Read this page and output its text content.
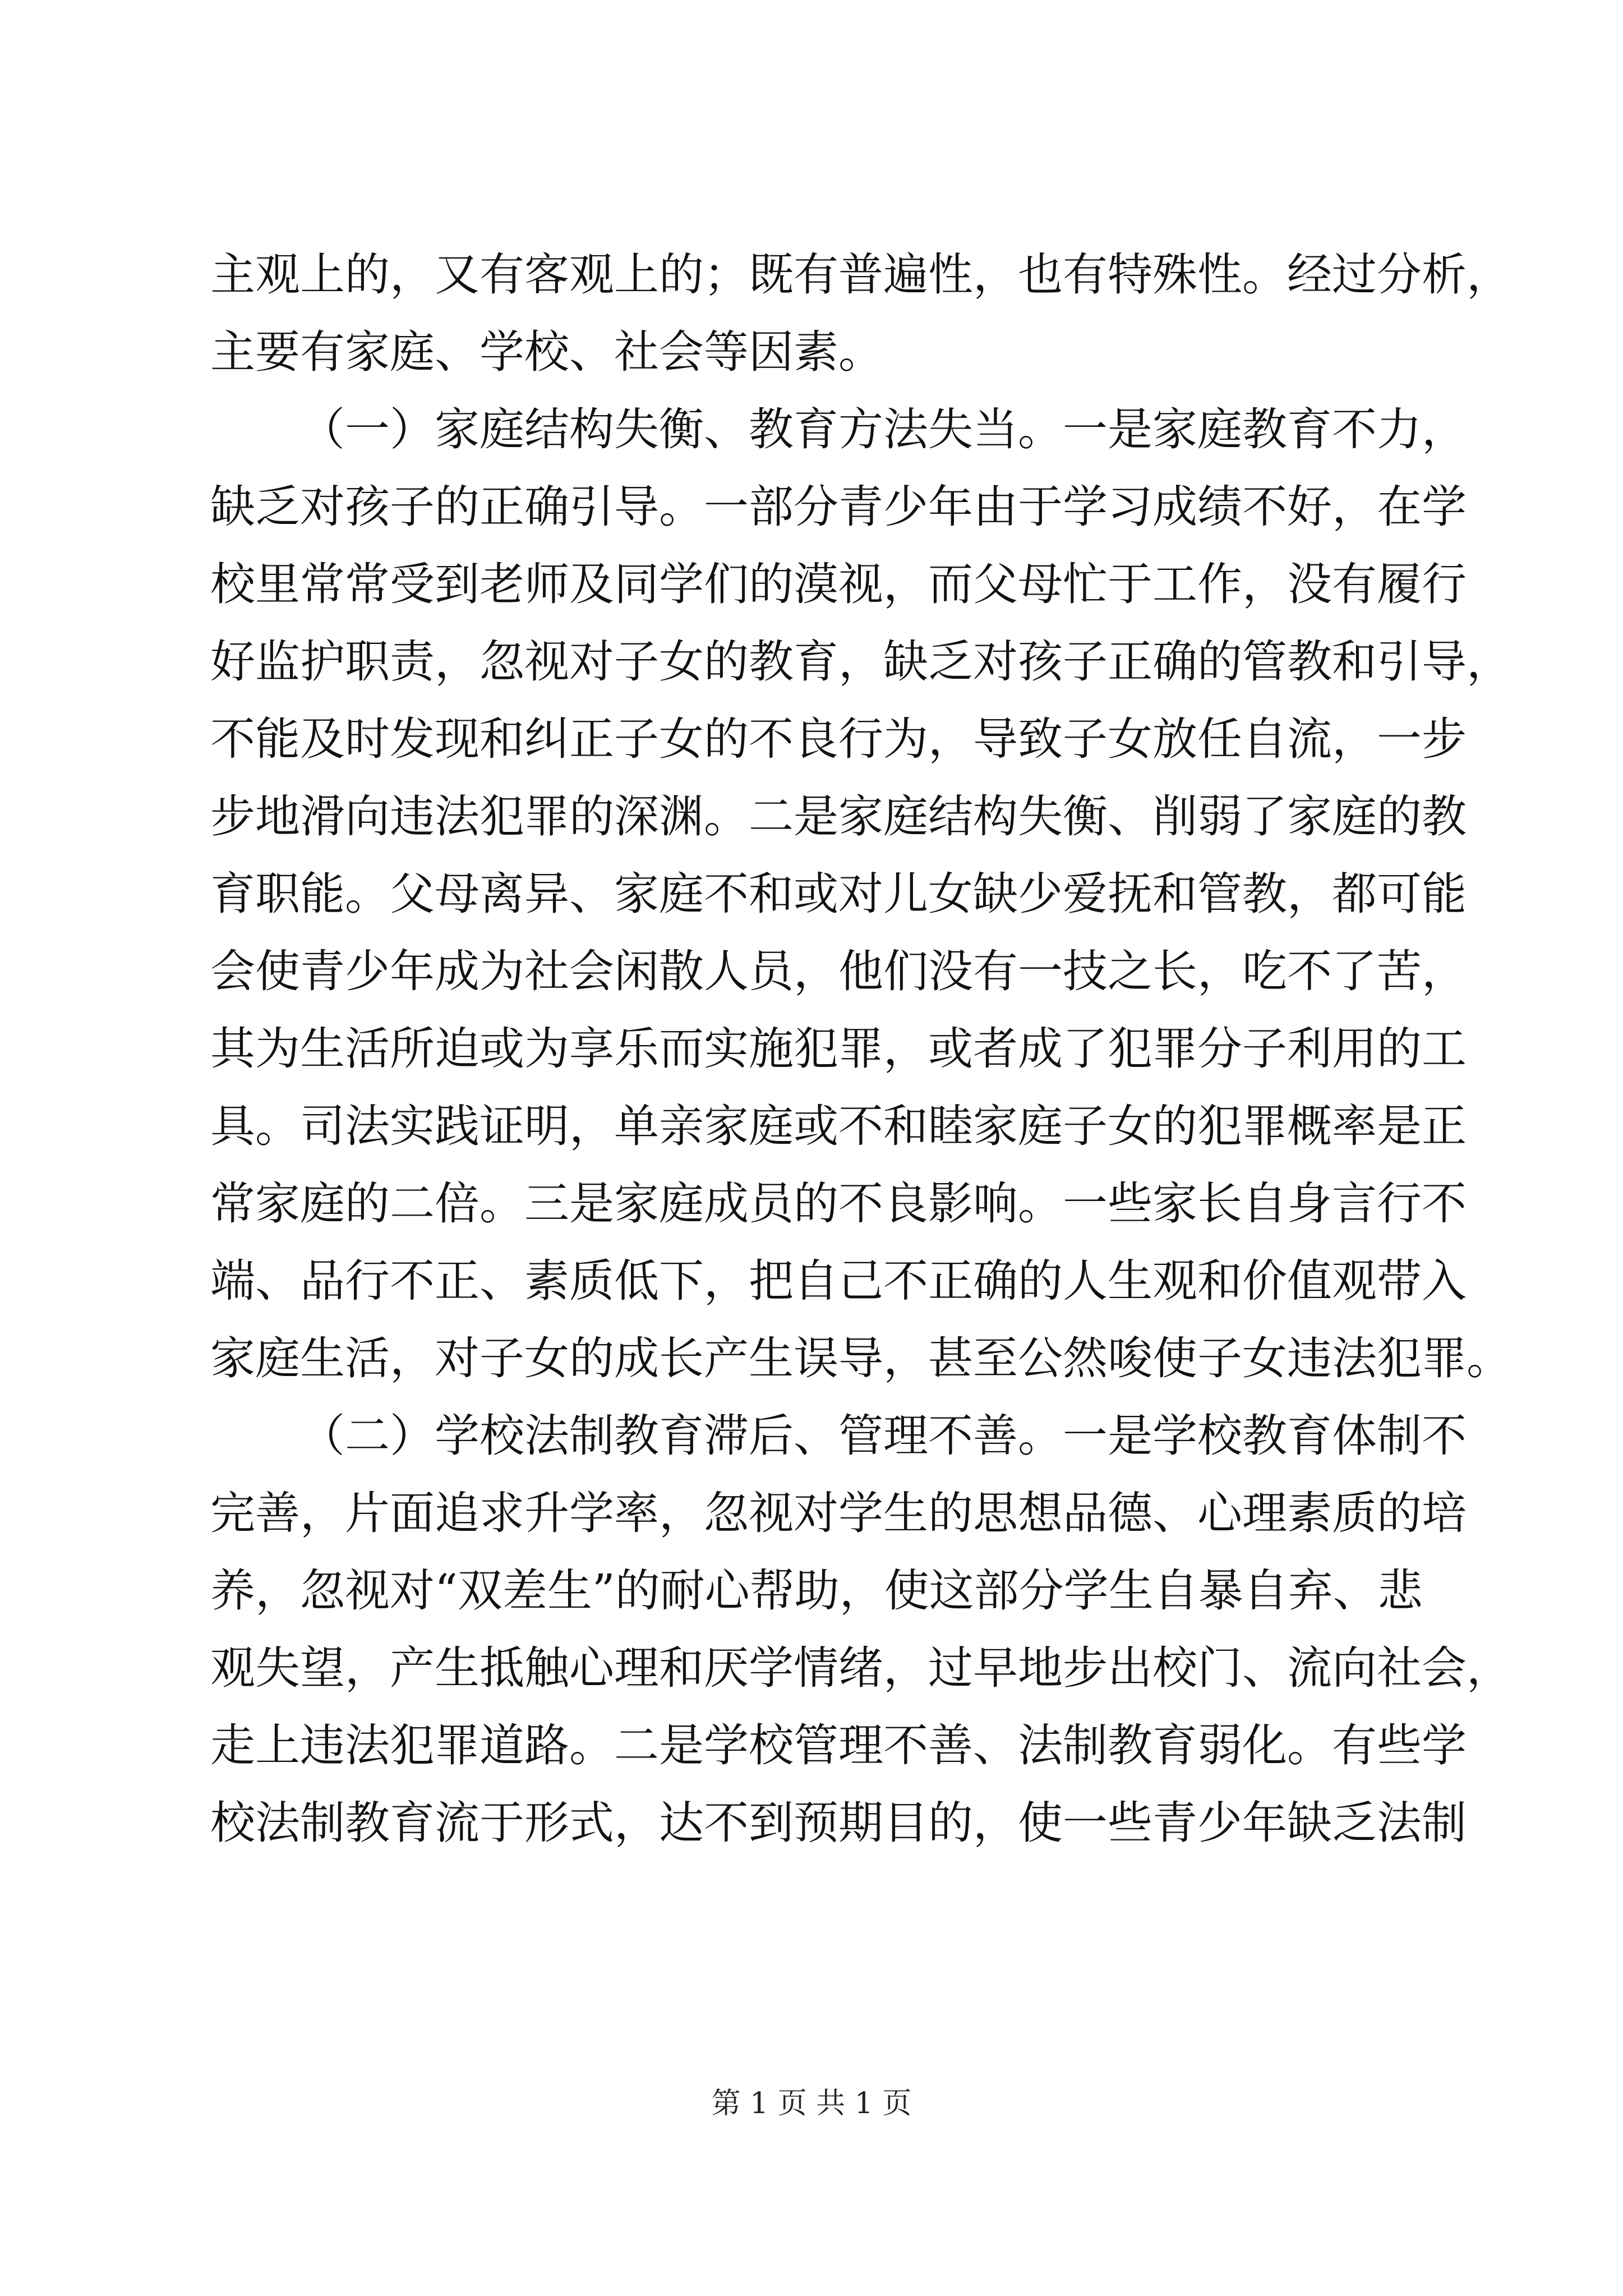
主观上的，又有客观上的；既有普遍性，也有特殊性。经过分析，
主要有家庭、学校、社会等因素。
（一）家庭结构失衡、教育方法失当。一是家庭教育不力，
缺乏对孩子的正确引导。一部分青少年由于学习成绩不好，在学
校里常常受到老师及同学们的漠视，而父母忙于工作，没有履行
好监护职责，忽视对子女的教育，缺乏对孩子正确的管教和引导，
不能及时发现和纠正子女的不良行为，导致子女放任自流，一步
步地滑向违法犯罪的深渊。二是家庭结构失衡、削弱了家庭的教
育职能。父母离异、家庭不和或对儿女缺少爱抚和管教，都可能
会使青少年成为社会闲散人员，他们没有一技之长，吃不了苦，
其为生活所迫或为享乐而实施犯罪，或者成了犯罪分子利用的工
具。司法实践证明，单亲家庭或不和睦家庭子女的犯罪概率是正
常家庭的二倍。三是家庭成员的不良影响。一些家长自身言行不
端、品行不正、素质低下，把自己不正确的人生观和价值观带入
家庭生活，对子女的成长产生误导，甚至公然唆使子女违法犯罪。
（二）学校法制教育滞后、管理不善。一是学校教育体制不
完善，片面追求升学率，忽视对学生的思想品德、心理素质的培
养，忽视对“双差生”的耐心帮助，使这部分学生自暴自弃、悲
观失望，产生抵触心理和厌学情绪，过早地步出校门、流向社会，
走上违法犯罪道路。二是学校管理不善、法制教育弱化。有些学
校法制教育流于形式，达不到预期目的，使一些青少年缺乏法制
第 1 页 共 1 页
